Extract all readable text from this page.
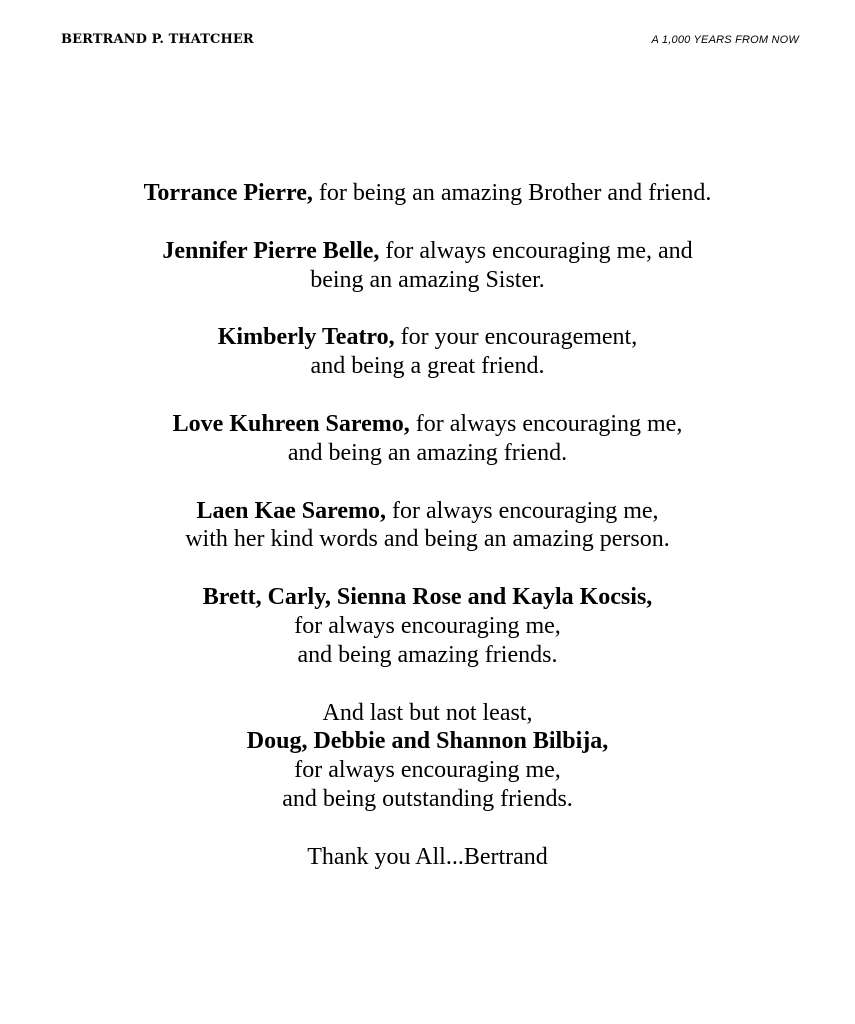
BERTRAND P. THATCHER	A 1,000 YEARS FROM NOW
Torrance Pierre, for being an amazing Brother and friend.
Jennifer Pierre Belle, for always encouraging me, and
being an amazing Sister.
Kimberly Teatro, for your encouragement,
and being a great friend.
Love Kuhreen Saremo, for always encouraging me,
and being an amazing friend.
Laen Kae Saremo, for always encouraging me,
with her kind words and being an amazing person.
Brett, Carly, Sienna Rose and Kayla Kocsis,
for always encouraging me,
and being amazing friends.
And last but not least,
Doug, Debbie and Shannon Bilbija,
for always encouraging me,
and being outstanding friends.
Thank you All...Bertrand
